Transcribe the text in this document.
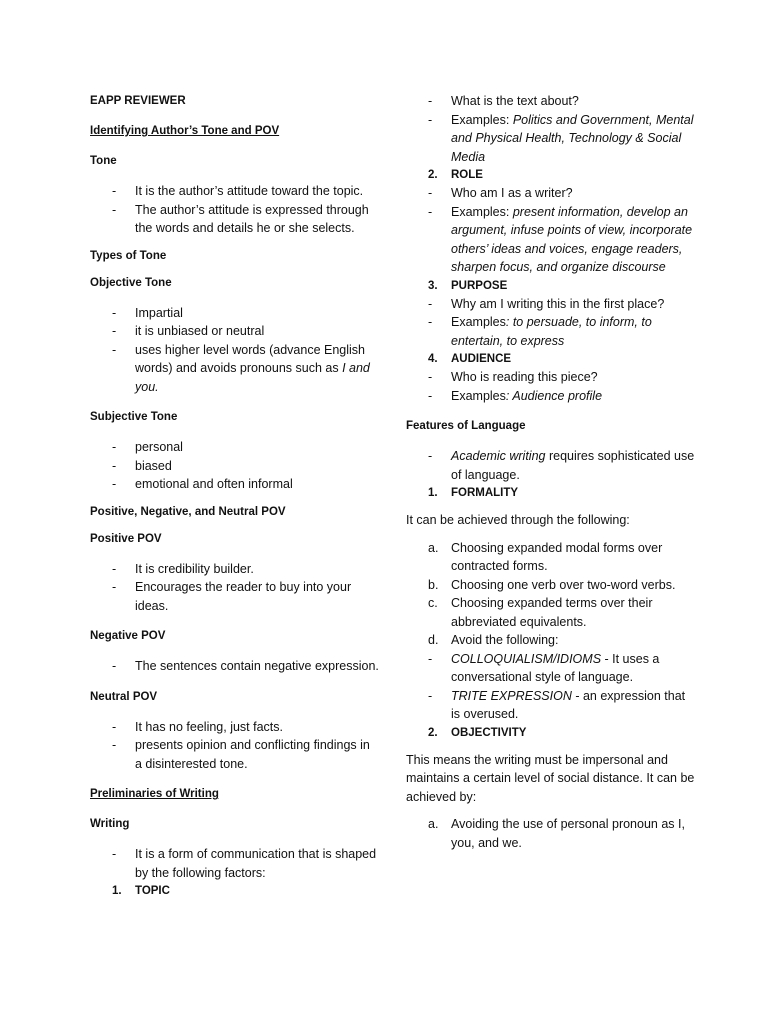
EAPP REVIEWER

Identifying Author’s Tone and POV

Tone

- It is the author’s attitude toward the topic.
- The author’s attitude is expressed through the words and details he or she selects.

Types of Tone

Objective Tone

- Impartial
- it is unbiased or neutral
- uses higher level words (advance English words) and avoids pronouns such as I and you.

Subjective Tone

- personal
- biased
- emotional and often informal

Positive, Negative, and Neutral POV

Positive POV

- It is credibility builder.
- Encourages the reader to buy into your ideas.

Negative POV

- The sentences contain negative expression.

Neutral POV

- It has no feeling, just facts.
- presents opinion and conflicting findings in a disinterested tone.

Preliminaries of Writing

Writing

- It is a form of communication that is shaped by the following factors:
1. TOPIC
- What is the text about?
- Examples: Politics and Government, Mental and Physical Health, Technology & Social Media
2. ROLE
- Who am I as a writer?
- Examples: present information, develop an argument, infuse points of view, incorporate others’ ideas and voices, engage readers, sharpen focus, and organize discourse
3. PURPOSE
- Why am I writing this in the first place?
- Examples: to persuade, to inform, to entertain, to express
4. AUDIENCE
- Who is reading this piece?
- Examples: Audience profile

Features of Language

- Academic writing requires sophisticated use of language.
1. FORMALITY

It can be achieved through the following:

a. Choosing expanded modal forms over contracted forms.
b. Choosing one verb over two-word verbs.
c. Choosing expanded terms over their abbreviated equivalents.
d. Avoid the following:
- COLLOQUIALISM/IDIOMS - It uses a conversational style of language.
- TRITE EXPRESSION - an expression that is overused.
2. OBJECTIVITY

This means the writing must be impersonal and maintains a certain level of social distance. It can be achieved by:

a. Avoiding the use of personal pronoun as I, you, and we.
